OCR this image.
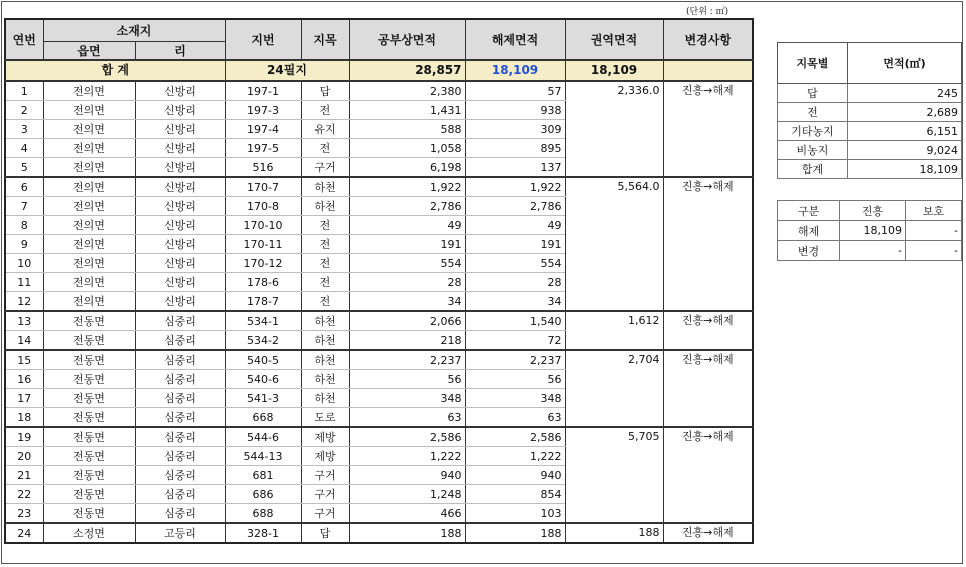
(단위 : ㎡)
연번	소재지		지번	지목	공부상면적	해제면적	권역면적	변경사항
	읍면	리						
합 계			24필지		28,857	18,109	18,109	
1	전의면	신방리	197-1	답	2,380	57	2,336.0	진흥→해제
2	전의면	신방리	197-3	전	1,431	938		
3	전의면	신방리	197-4	유지	588	309		
4	전의면	신방리	197-5	전	1,058	895		
5	전의면	신방리	516	구거	6,198	137		
6	전의면	신방리	170-7	하천	1,922	1,922	5,564.0	진흥→해제
7	전의면	신방리	170-8	하천	2,786	2,786		
8	전의면	신방리	170-10	전	49	49		
9	전의면	신방리	170-11	전	191	191		
10	전의면	신방리	170-12	전	554	554		
11	전의면	신방리	178-6	전	28	28		
12	전의면	신방리	178-7	전	34	34		
13	전동면	심중리	534-1	하천	2,066	1,540	1,612	진흥→해제
14	전동면	심중리	534-2	하천	218	72		
15	전동면	심중리	540-5	하천	2,237	2,237	2,704	진흥→해제
16	전동면	심중리	540-6	하천	56	56		
17	전동면	심중리	541-3	하천	348	348		
18	전동면	심중리	668	도로	63	63		
19	전동면	심중리	544-6	제방	2,586	2,586	5,705	진흥→해제
20	전동면	심중리	544-13	제방	1,222	1,222		
21	전동면	심중리	681	구거	940	940		
22	전동면	심중리	686	구거	1,248	854		
23	전동면	심중리	688	구거	466	103		
24	소정면	고등리	328-1	답	188	188	188	진흥→해제
지목별	면적(㎡)
답	245
전	2,689
기타농지	6,151
비농지	9,024
합계	18,109
구분	진흥	보호
해제	18,109	-
변경	-	-
